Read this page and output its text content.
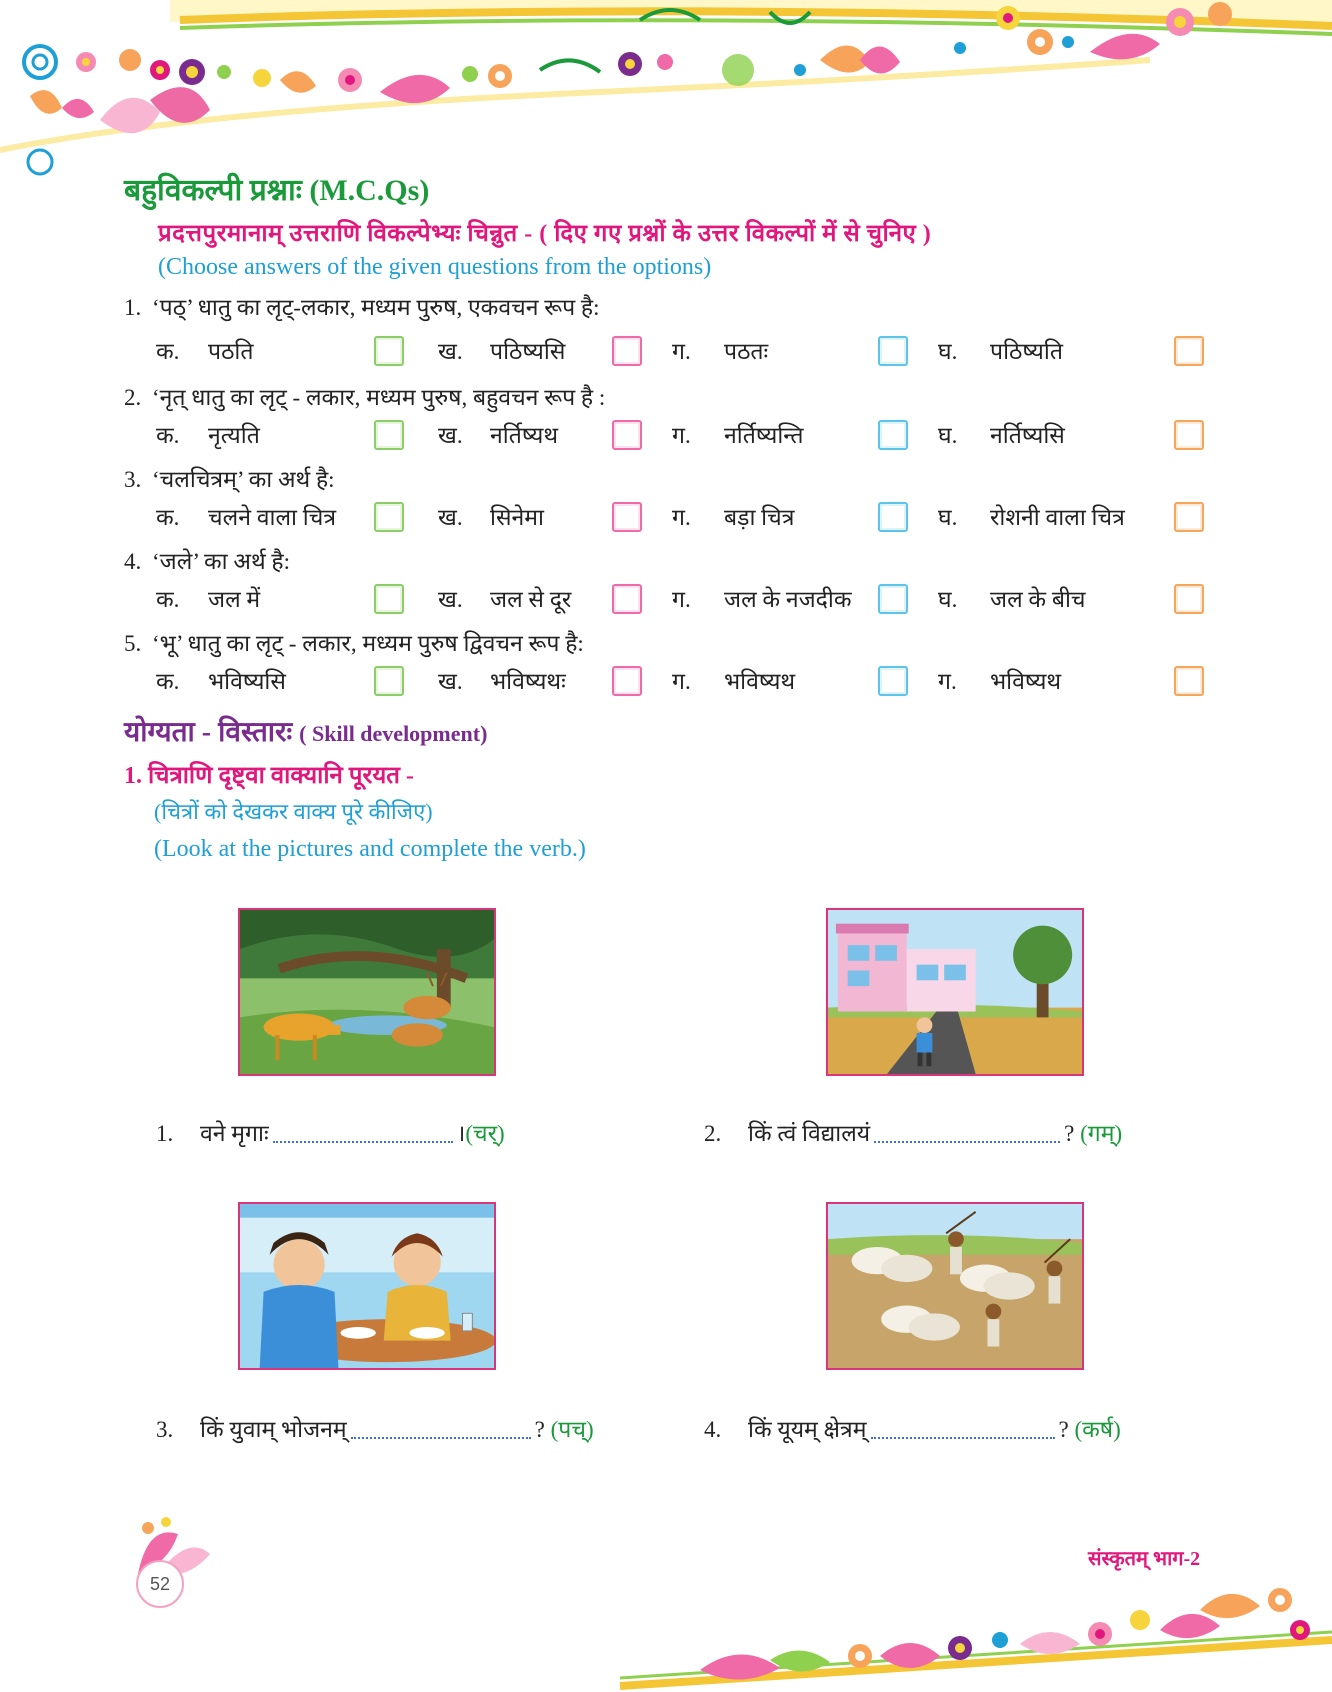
बहुविकल्पी प्रश्नाः (M.C.Qs)
प्रदत्तपुरमानाम् उत्तराणि विकल्पेभ्यः चिन्नुत - ( दिए गए प्रश्नों के उत्तर विकल्पों में से चुनिए )
(Choose answers of the given questions from the options)
1. ‘पठ्’ धातु का लृट्-लकार, मध्यम पुरुष, एकवचन रूप है:
क. पठति	ख. पठिष्यसि	ग. पठतः	घ. पठिष्यति
2. ‘नृत् धातु का लृट् - लकार, मध्यम पुरुष, बहुवचन रूप है :
क. नृत्यति	ख. नर्तिष्यथ	ग. नर्तिष्यन्ति	घ. नर्तिष्यसि
3. ‘चलचित्रम्’ का अर्थ है:
क. चलने वाला चित्र	ख. सिनेमा	ग. बड़ा चित्र	घ. रोशनी वाला चित्र
4. ‘जले’ का अर्थ है:
क. जल में	ख. जल से दूर	ग. जल के नजदीक	घ. जल के बीच
5. ‘भू’ धातु का लृट् - लकार, मध्यम पुरुष द्विवचन रूप है:
क. भविष्यसि	ख. भविष्यथः	ग. भविष्यथ	ग. भविष्यथ
योग्यता - विस्तारः ( Skill development)
1. चित्राणि दृष्ट्वा वाक्यानि पूरयत -
(चित्रों को देखकर वाक्य पूरे कीजिए)
(Look at the pictures and complete the verb.)
1. वने मृगाः	।(चर्)	2. किं त्वं विद्यालयं	? (गम्)
3. किं युवाम् भोजनम्	? (पच्)	4. किं यूयम् क्षेत्रम्	? (कर्ष)
52
संस्कृतम् भाग-2
